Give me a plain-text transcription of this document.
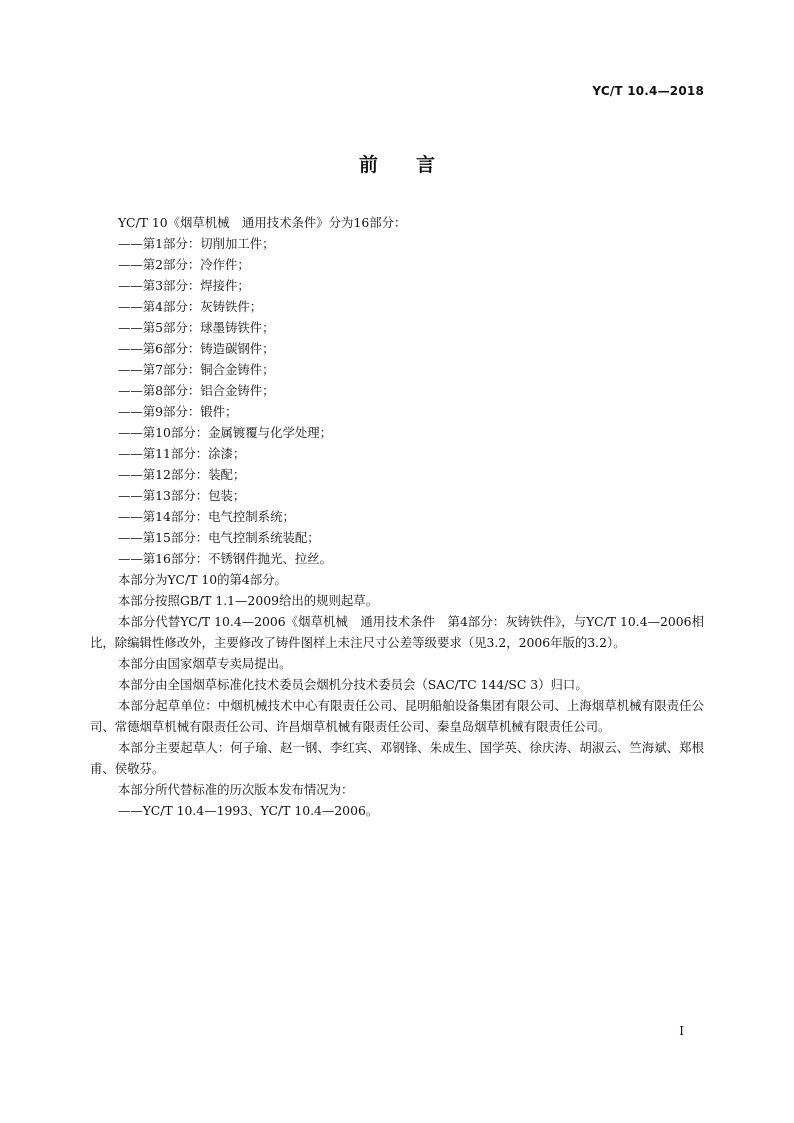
YC/T 10.4—2018
前言

YC/T 10《烟草机械　通用技术条件》分为16部分：

——第1部分：切削加工件；

——第2部分：冷作件；

——第3部分：焊接件；

——第4部分：灰铸铁件；

——第5部分：球墨铸铁件；

——第6部分：铸造碳钢件；

——第7部分：铜合金铸件；

——第8部分：铝合金铸件；

——第9部分：锻件；

——第10部分：金属镀覆与化学处理；

——第11部分：涂漆；

——第12部分：装配；

——第13部分：包装；

——第14部分：电气控制系统；

——第15部分：电气控制系统装配；

——第16部分：不锈钢件抛光、拉丝。

本部分为YC/T 10的第4部分。

本部分按照GB/T 1.1—2009给出的规则起草。

本部分代替YC/T 10.4—2006《烟草机械　通用技术条件　第4部分：灰铸铁件》，与YC/T 10.4—2006相比，除编辑性修改外，主要修改了铸件图样上未注尺寸公差等级要求（见3.2，2006年版的3.2）。

本部分由国家烟草专卖局提出。

本部分由全国烟草标准化技术委员会烟机分技术委员会（SAC/TC 144/SC 3）归口。

本部分起草单位：中烟机械技术中心有限责任公司、昆明船舶设备集团有限公司、上海烟草机械有限责任公司、常德烟草机械有限责任公司、许昌烟草机械有限责任公司、秦皇岛烟草机械有限责任公司。

本部分主要起草人：何子瑜、赵一钢、李红宾、邓钢锋、朱成生、国学英、徐庆涛、胡淑云、竺海斌、郑根甫、侯敬芬。

本部分所代替标准的历次版本发布情况为：

——YC/T 10.4—1993、YC/T 10.4—2006。

I
